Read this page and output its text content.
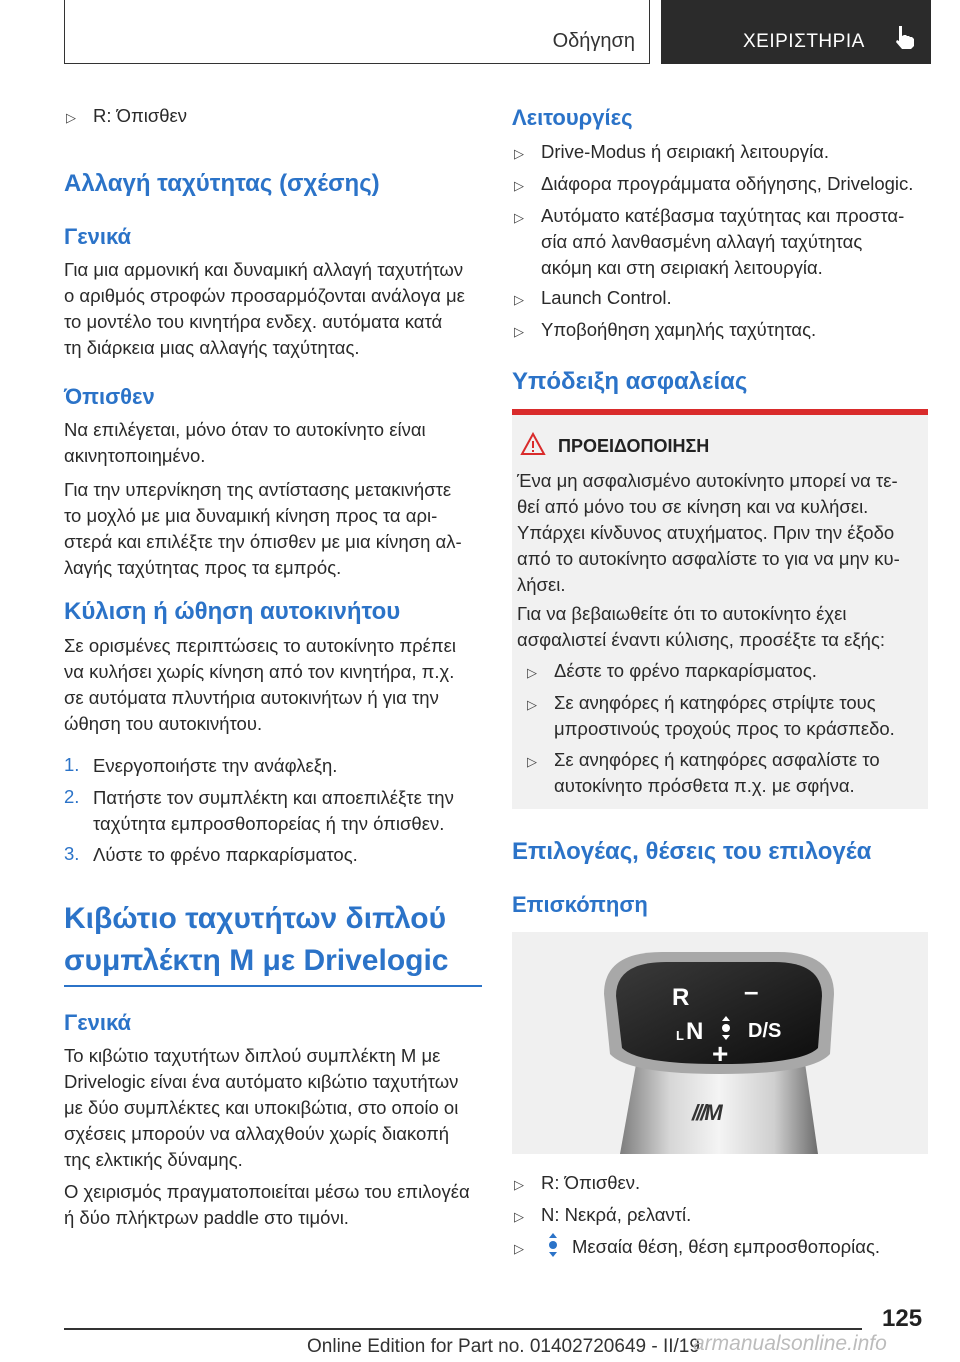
Οδήγηση	ΧΕΙΡΙΣΤΗΡΙΑ
▷ R: Όπισθεν
Αλλαγή ταχύτητας (σχέσης)
Γενικά
Για μια αρμονική και δυναμική αλλαγή ταχυτήτων
ο αριθμός στροφών προσαρμόζονται ανάλογα με
το μοντέλο του κινητήρα ενδεχ. αυτόματα κατά
τη διάρκεια μιας αλλαγής ταχύτητας.
Όπισθεν
Να επιλέγεται, μόνο όταν το αυτοκίνητο είναι
ακινητοποιημένο.
Για την υπερνίκηση της αντίστασης μετακινήστε
το μοχλό με μια δυναμική κίνηση προς τα αρι-
στερά και επιλέξτε την όπισθεν με μια κίνηση αλ-
λαγής ταχύτητας προς τα εμπρός.
Κύλιση ή ώθηση αυτοκινήτου
Σε ορισμένες περιπτώσεις το αυτοκίνητο πρέπει
να κυλήσει χωρίς κίνηση από τον κινητήρα, π.χ.
σε αυτόματα πλυντήρια αυτοκινήτων ή για την
ώθηση του αυτοκινήτου.
1. Ενεργοποιήστε την ανάφλεξη.
2. Πατήστε τον συμπλέκτη και αποεπιλέξτε την
ταχύτητα εμπροσθοπορείας ή την όπισθεν.
3. Λύστε το φρένο παρκαρίσματος.
Κιβώτιο ταχυτήτων διπλού
συμπλέκτη M με Drivelogic
Γενικά
Το κιβώτιο ταχυτήτων διπλού συμπλέκτη M με
Drivelogic είναι ένα αυτόματο κιβώτιο ταχυτήτων
με δύο συμπλέκτες και υποκιβώτια, στο οποίο οι
σχέσεις μπορούν να αλλαχθούν χωρίς διακοπή
της ελκτικής δύναμης.
Ο χειρισμός πραγματοποιείται μέσω του επιλογέα
ή δύο πλήκτρων paddle στο τιμόνι.
Λειτουργίες
▷ Drive-Modus ή σειριακή λειτουργία.
▷ Διάφορα προγράμματα οδήγησης, Drivelogic.
▷ Αυτόματο κατέβασμα ταχύτητας και προστα-
σία από λανθασμένη αλλαγή ταχύτητας
ακόμη και στη σειριακή λειτουργία.
▷ Launch Control.
▷ Υποβοήθηση χαμηλής ταχύτητας.
Υπόδειξη ασφαλείας
ΠΡΟΕΙΔΟΠΟΙΗΣΗ
Ένα μη ασφαλισμένο αυτοκίνητο μπορεί να τε-
θεί από μόνο του σε κίνηση και να κυλήσει.
Υπάρχει κίνδυνος ατυχήματος. Πριν την έξοδο
από το αυτοκίνητο ασφαλίστε το για να μην κυ-
λήσει.
Για να βεβαιωθείτε ότι το αυτοκίνητο έχει
ασφαλιστεί έναντι κύλισης, προσέξτε τα εξής:
▷ Δέστε το φρένο παρκαρίσματος.
▷ Σε ανηφόρες ή κατηφόρες στρίψτε τους
μπροστινούς τροχούς προς το κράσπεδο.
▷ Σε ανηφόρες ή κατηφόρες ασφαλίστε το
αυτοκίνητο πρόσθετα π.χ. με σφήνα.
Επιλογέας, θέσεις του επιλογέα
Επισκόπηση
R –
L N D/S
+
///M
▷ R: Όπισθεν.
▷ N: Νεκρά, ρελαντί.
▷	Μεσαία θέση, θέση εμπροσθοπορίας.
125
Online Edition for Part no. 01402720649 - II/19
armanualsonline.info
